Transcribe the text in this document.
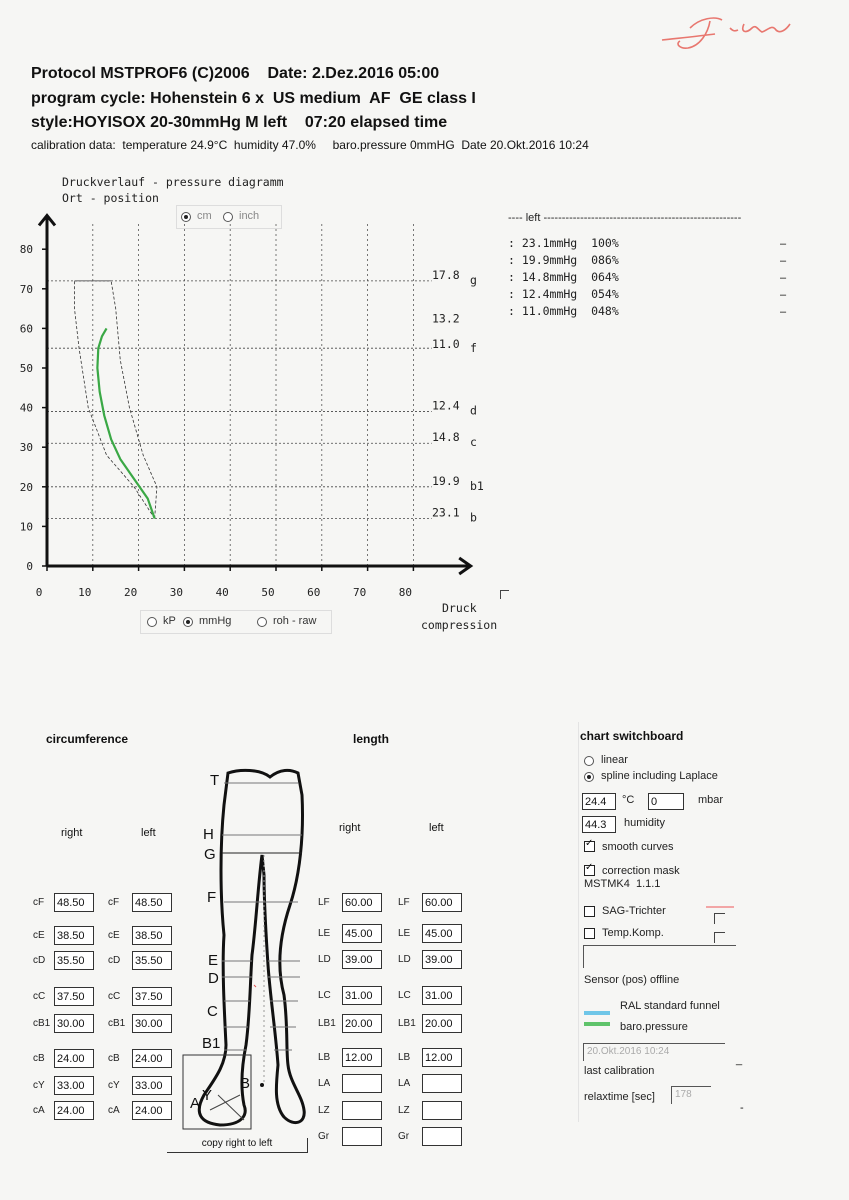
Protocol MSTPROF6 (C)2006    Date: 2.Dez.2016 05:00
program cycle: Hohenstein 6 x  US medium  AF  GE class I
style:HOYISOX 20-30mmHg M left    07:20 elapsed time
calibration data:  temperature 24.9°C  humidity 47.0%     baro.pressure 0mmHG  Date 20.Okt.2016 10:24
Druckverlauf - pressure diagramm
Ort - position
cm inch
0
10
20
30
40
50
60
70
80
0	10	20	30	40	50	60	70	80
17.8 g
13.2
11.0 f
12.4 d
14.8 c
19.9 b1
23.1 b
Druck
compression
kP mmHg	roh - raw
---- left ------------------------------------------------------
: 23.1mmHg  100%
: 19.9mmHg  086%
: 14.8mmHg  064%
: 12.4mmHg  054%
: 11.0mmHg  048%
–
–
–
–
–
circumference	length
right	left	right	left
cF 48.50	cF 48.50
cE 38.50	cE 38.50
cD 35.50	cD 35.50
cC 37.50	cC 37.50
cB1 30.00	cB1 30.00
cB 24.00	cB 24.00
cY 33.00	cY 33.00
cA 24.00	cA 24.00
LF 60.00	LF 60.00
LE 45.00	LE 45.00
LD 39.00	LD 39.00
LC 31.00	LC 31.00
LB1 20.00	LB1 20.00
LB 12.00	LB 12.00
LA	LA
LZ	LZ
Gr	Gr
T
H
G
F
E
D
C
B1
B
Y
A
copy right to left
chart switchboard
linear
spline including Laplace
24.4	°C 0	mbar
44.3	humidity
✓ smooth curves
✓ correction mask
MSTMK4  1.1.1
SAG-Trichter
Temp.Komp.
Sensor (pos) offline
RAL standard funnel
baro.pressure
20.Okt.2016 10:24
_
last calibration
relaxtime [sec]	178
-
